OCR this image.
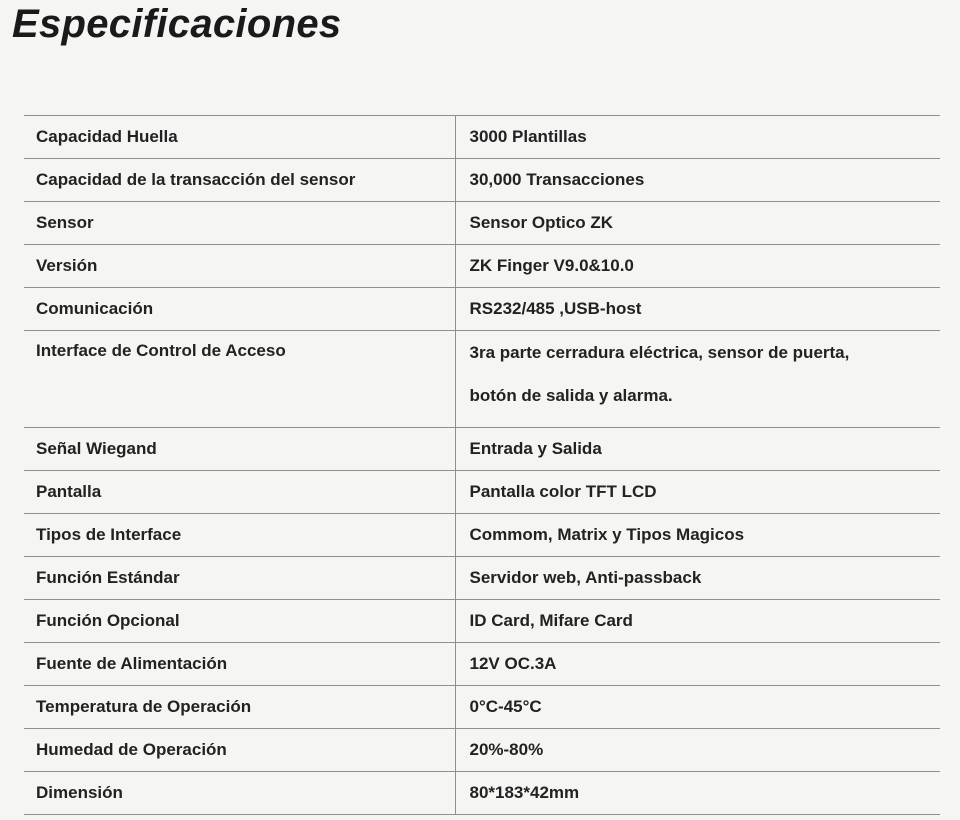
Especificaciones
Capacidad Huella	3000 Plantillas
Capacidad de la transacción del sensor	30,000 Transacciones
Sensor	Sensor Optico ZK
Versión	ZK Finger V9.0&10.0
Comunicación	RS232/485 ,USB-host
Interface de Control de Acceso	3ra parte cerradura eléctrica, sensor de puerta,
botón de salida y alarma.

Señal Wiegand	Entrada y Salida
Pantalla	Pantalla color TFT LCD
Tipos de Interface	Commom, Matrix y Tipos Magicos
Función Estándar	Servidor web, Anti-passback
Función Opcional	ID Card, Mifare Card
Fuente de Alimentación	12V OC.3A
Temperatura de Operación	0°C-45°C
Humedad de Operación	20%-80%
Dimensión	80*183*42mm
